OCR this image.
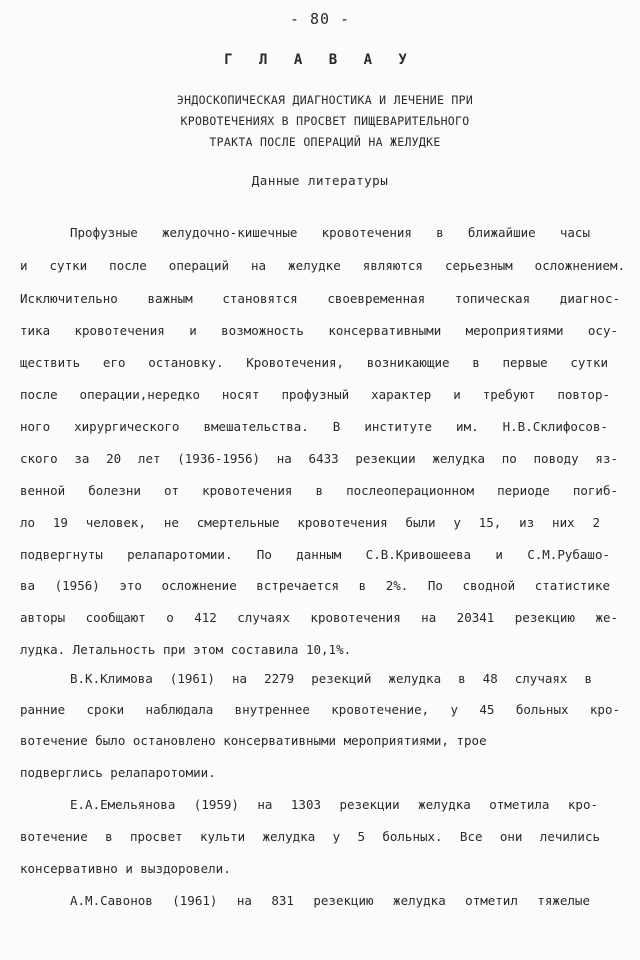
- 80 -
Г Л А В А У
ЭНДОСКОПИЧЕСКАЯ ДИАГНОСТИКА И ЛЕЧЕНИЕ ПРИ
КРОВОТЕЧЕНИЯХ В ПРОСВЕТ ПИЩЕВАРИТЕЛЬНОГО
ТРАКТА ПОСЛЕ ОПЕРАЦИЙ НА ЖЕЛУДКЕ
Данные литературы
Профузные желудочно-кишечные кровотечения в ближайшие часы
и сутки после операций на желудке являются серьезным осложнением.
Исключительно важным становятся своевременная топическая диагнос-
тика кровотечения и возможность консервативными мероприятиями осу-
ществить его остановку. Кровотечения, возникающие в первые сутки
после операции,нередко носят профузный характер и требуют повтор-
ного хирургического вмешательства. В институте им. Н.В.Склифосов-
ского за 20 лет (1936-1956) на 6433 резекции желудка по поводу яз-
венной болезни от кровотечения в послеоперационном периоде погиб-
ло 19 человек, не смертельные кровотечения были у 15, из них 2
подвергнуты релапаротомии. По данным С.В.Кривошеева и С.М.Рубашо-
ва (1956) это осложнение встречается в 2%. По сводной статистике
авторы сообщают о 412 случаях кровотечения на 20341 резекцию же-
лудка. Летальность при этом составила 10,1%.
В.К.Климова (1961) на 2279 резекций желудка в 48 случаях в
ранние сроки наблюдала внутреннее кровотечение, у 45 больных кро-
вотечение было остановлено консервативными мероприятиями, трое
подверглись релапаротомии.
Е.А.Емельянова (1959) на 1303 резекции желудка отметила кро-
вотечение в просвет культи желудка у 5 больных. Все они лечились
консервативно и выздоровели.
А.М.Савонов (1961) на 831 резекцию желудка отметил тяжелые
